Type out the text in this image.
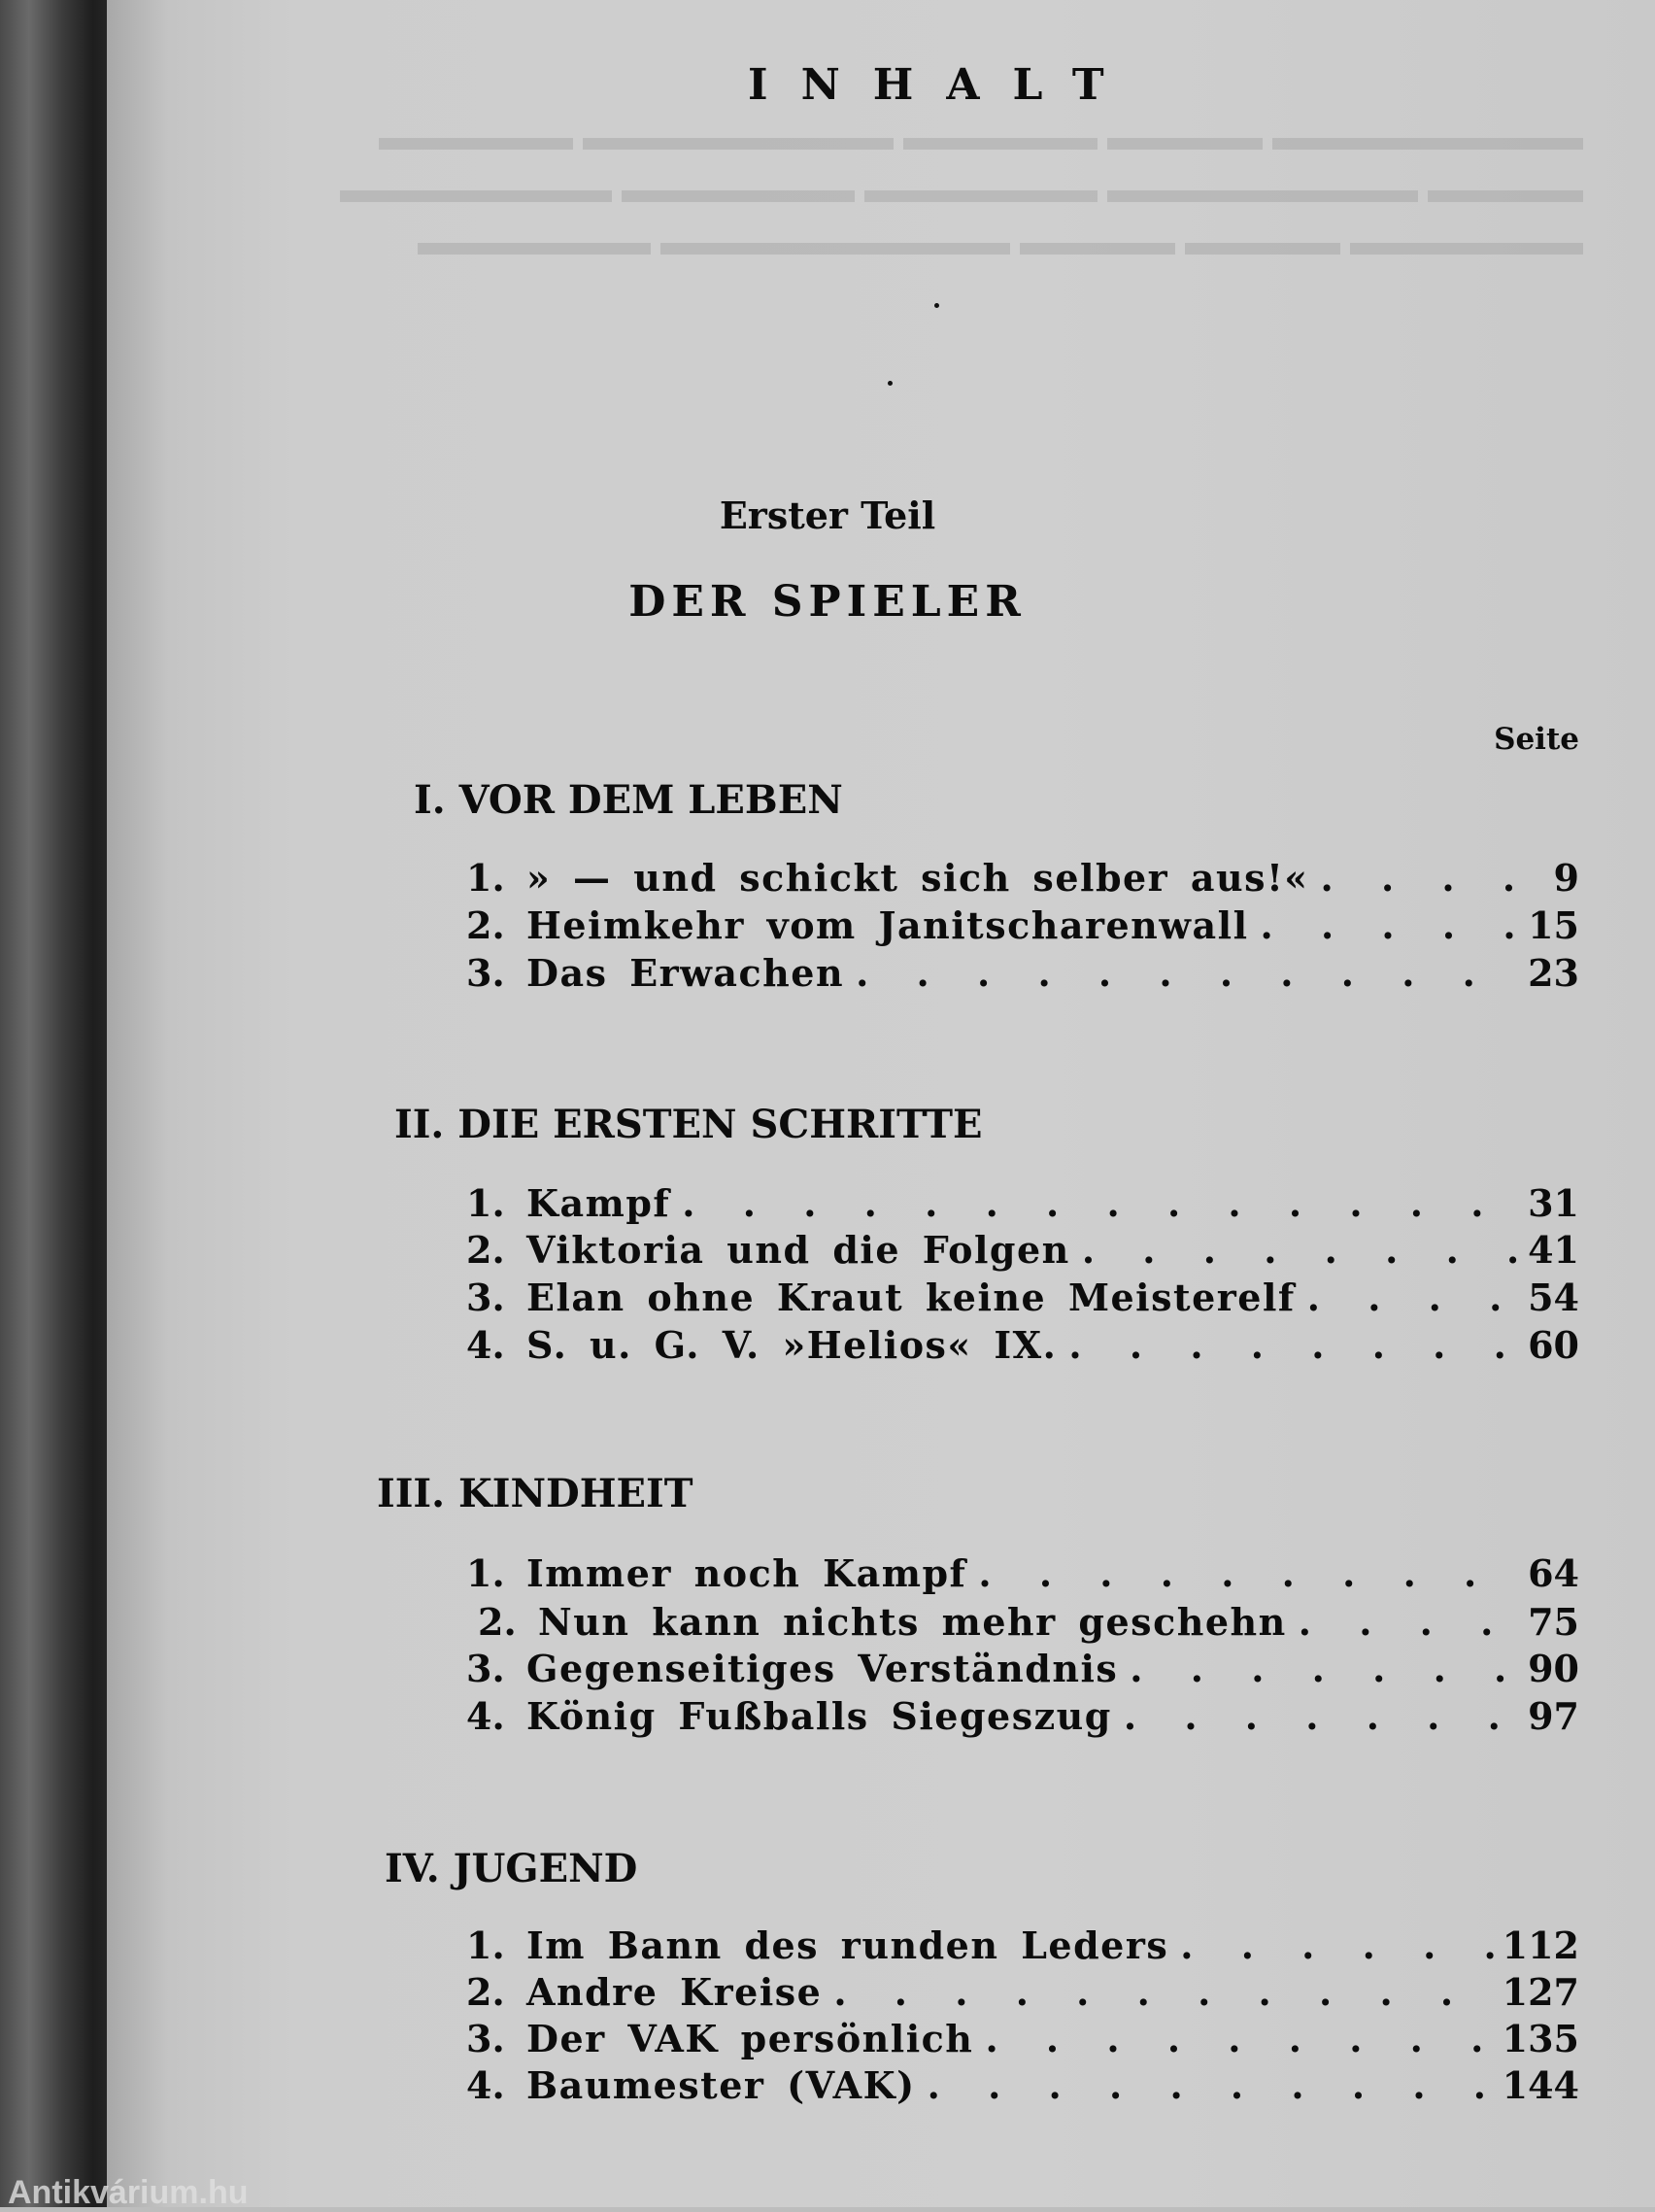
▬▬▬▬▬▬▬▬ ▬▬▬▬ ▬▬▬▬▬ ▬▬▬▬▬▬▬▬ ▬▬▬▬▬
▬▬▬▬ ▬▬▬▬▬▬▬▬ ▬▬▬▬▬▬ ▬▬▬▬▬▬ ▬▬▬▬▬▬▬
▬▬▬▬▬▬ ▬▬▬▬ ▬▬▬▬ ▬▬▬▬▬▬▬▬▬ ▬▬▬▬▬▬

INHALT
Erster Teil
DER SPIELER
Seite
I. VOR DEM LEBEN
1. » — und schickt sich selber aus!« . . .	9
2. Heimkehr vom Janitscharenwall . . .	15
3. Das Erwachen . . .	23
II. DIE ERSTEN SCHRITTE
1. Kampf . . .	31
2. Viktoria und die Folgen . . .	41
3. Elan ohne Kraut keine Meisterelf . . .	54
4. S. u. G. V. »Helios« IX. . . .	60
III. KINDHEIT
1. Immer noch Kampf . . .	64
2. Nun kann nichts mehr geschehn . . .	75
3. Gegenseitiges Verständnis . . .	90
4. König Fußballs Siegeszug . . .	97
IV. JUGEND
1. Im Bann des runden Leders . . .	112
2. Andre Kreise . . .	127
3. Der VAK persönlich . . .	135
4. Baumester (VAK) . . .	144
Antikvárium.hu
